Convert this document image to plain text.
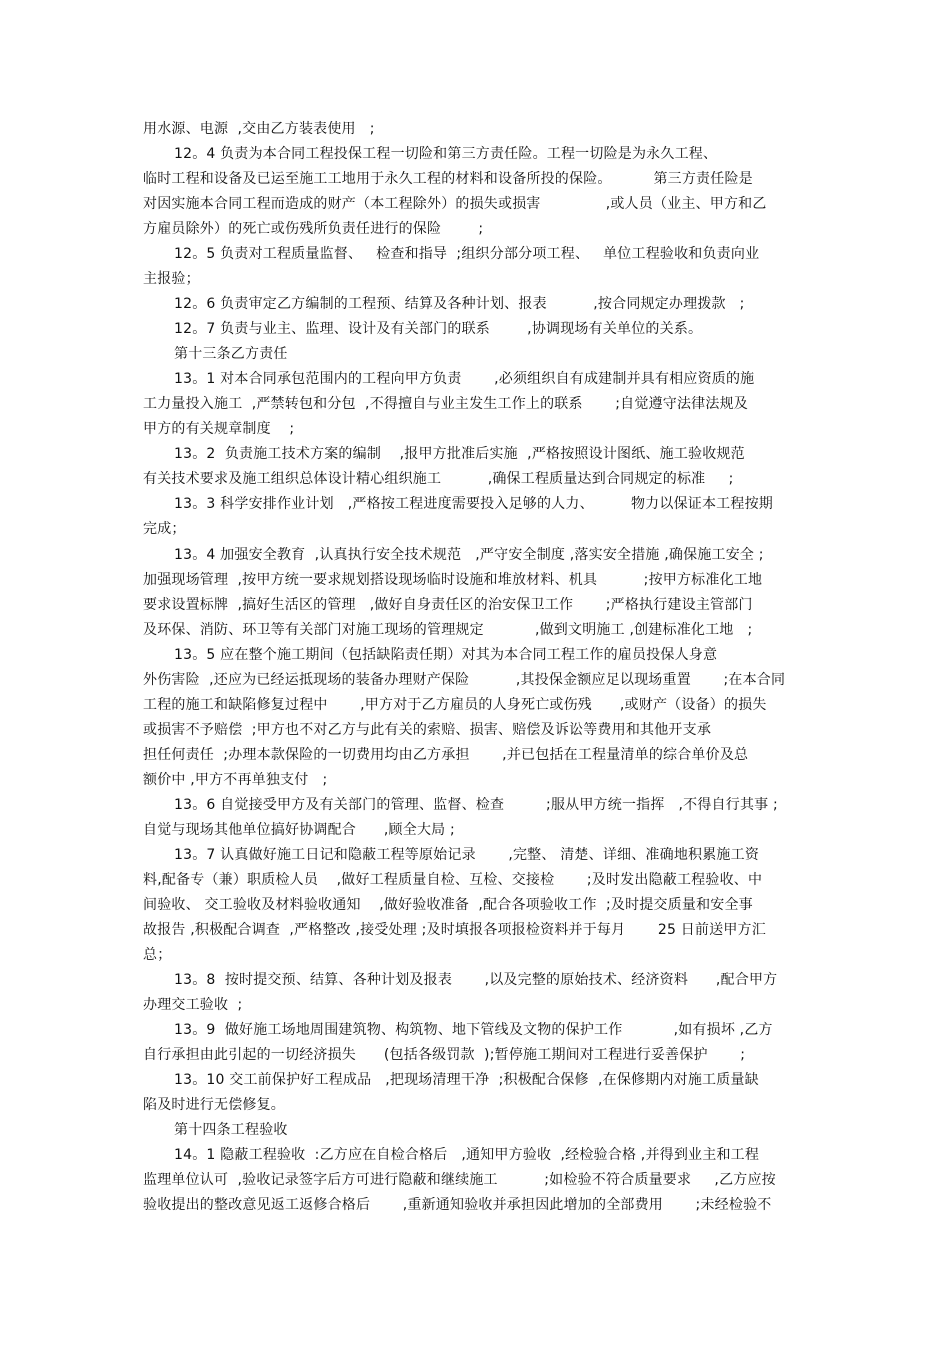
用水源、电源  ,交由乙方装表使用   ;
12。4 负责为本合同工程投保工程一切险和第三方责任险。工程一切险是为永久工程、
临时工程和设备及已运至施工工地用于永久工程的材料和设备所投的保险。         第三方责任险是
对因实施本合同工程而造成的财产（本工程除外）的损失或损害              ,或人员（业主、甲方和乙
方雇员除外）的死亡或伤残所负责任进行的保险        ;
12。5 负责对工程质量监督、   检查和指导  ;组织分部分项工程、   单位工程验收和负责向业
主报验；
12。6 负责审定乙方编制的工程预、结算及各种计划、报表          ,按合同规定办理拨款   ;
12。7 负责与业主、监理、设计及有关部门的联系        ,协调现场有关单位的关系。
第十三条乙方责任
13。1 对本合同承包范围内的工程向甲方负责       ,必须组织自有成建制并具有相应资质的施
工力量投入施工  ,严禁转包和分包  ,不得擅自与业主发生工作上的联系       ;自觉遵守法律法规及
甲方的有关规章制度    ;
13。2  负责施工技术方案的编制    ,报甲方批准后实施  ,严格按照设计图纸、施工验收规范
有关技术要求及施工组织总体设计精心组织施工          ,确保工程质量达到合同规定的标准     ;
13。3 科学安排作业计划   ,严格按工程进度需要投入足够的人力、        物力以保证本工程按期
完成；
13。4 加强安全教育  ,认真执行安全技术规范   ,严守安全制度 ,落实安全措施 ,确保施工安全 ;
加强现场管理  ,按甲方统一要求规划搭设现场临时设施和堆放材料、机具          ;按甲方标准化工地
要求设置标牌  ,搞好生活区的管理   ,做好自身责任区的治安保卫工作       ;严格执行建设主管部门
及环保、消防、环卫等有关部门对施工现场的管理规定           ,做到文明施工 ,创建标准化工地   ;
13。5 应在整个施工期间（包括缺陷责任期）对其为本合同工程工作的雇员投保人身意
外伤害险  ,还应为已经运抵现场的装备办理财产保险          ,其投保金额应足以现场重置       ;在本合同
工程的施工和缺陷修复过程中       ,甲方对于乙方雇员的人身死亡或伤残      ,或财产（设备）的损失
或损害不予赔偿  ;甲方也不对乙方与此有关的索赔、损害、赔偿及诉讼等费用和其他开支承
担任何责任  ;办理本款保险的一切费用均由乙方承担       ,并已包括在工程量清单的综合单价及总
额价中 ,甲方不再单独支付   ;
13。6 自觉接受甲方及有关部门的管理、监督、检查         ;服从甲方统一指挥   ,不得自行其事 ;
自觉与现场其他单位搞好协调配合      ,顾全大局 ;
13。7 认真做好施工日记和隐蔽工程等原始记录       ,完整、 清楚、详细、准确地积累施工资
料,配备专（兼）职质检人员    ,做好工程质量自检、互检、交接检       ;及时发出隐蔽工程验收、中
间验收、 交工验收及材料验收通知    ,做好验收准备  ,配合各项验收工作  ;及时提交质量和安全事
故报告 ,积极配合调查  ,严格整改 ,接受处理 ;及时填报各项报检资料并于每月       25 日前送甲方汇
总；
13。8  按时提交预、结算、各种计划及报表       ,以及完整的原始技术、经济资料      ,配合甲方
办理交工验收  ;
13。9  做好施工场地周围建筑物、构筑物、地下管线及文物的保护工作           ,如有损坏 ,乙方
自行承担由此引起的一切经济损失      (包括各级罚款  );暂停施工期间对工程进行妥善保护       ;
13。10 交工前保护好工程成品   ,把现场清理干净  ;积极配合保修  ,在保修期内对施工质量缺
陷及时进行无偿修复。
第十四条工程验收
14。1 隐蔽工程验收  :乙方应在自检合格后   ,通知甲方验收  ,经检验合格 ,并得到业主和工程
监理单位认可  ,验收记录签字后方可进行隐蔽和继续施工          ;如检验不符合质量要求     ,乙方应按
验收提出的整改意见返工返修合格后       ,重新通知验收并承担因此增加的全部费用       ;未经检验不
